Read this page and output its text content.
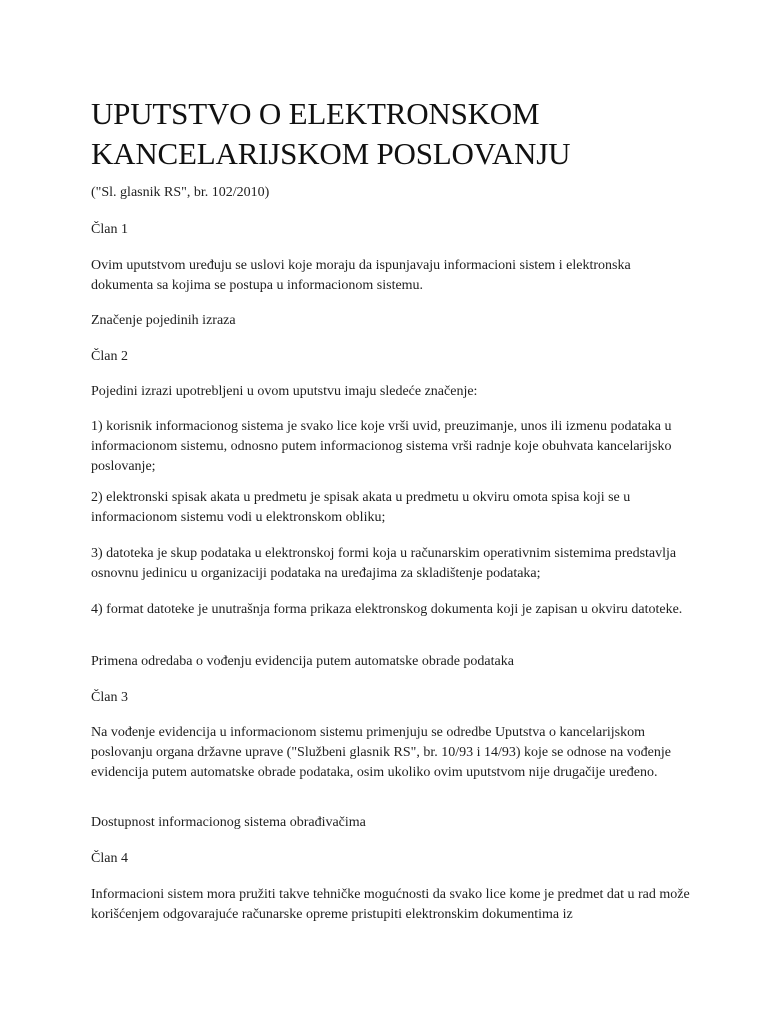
UPUTSTVO O ELEKTRONSKOM KANCELARIJSKOM POSLOVANJU

("Sl. glasnik RS", br. 102/2010)

Član 1

Ovim uputstvom uređuju se uslovi koje moraju da ispunjavaju informacioni sistem i elektronska dokumenta sa kojima se postupa u informacionom sistemu.

Značenje pojedinih izraza

Član 2

Pojedini izrazi upotrebljeni u ovom uputstvu imaju sledeće značenje:

1) korisnik informacionog sistema je svako lice koje vrši uvid, preuzimanje, unos ili izmenu podataka u informacionom sistemu, odnosno putem informacionog sistema vrši radnje koje obuhvata kancelarijsko poslovanje;

2) elektronski spisak akata u predmetu je spisak akata u predmetu u okviru omota spisa koji se u informacionom sistemu vodi u elektronskom obliku;

3) datoteka je skup podataka u elektronskoj formi koja u računarskim operativnim sistemima predstavlja osnovnu jedinicu u organizaciji podataka na uređajima za skladištenje podataka;

4) format datoteke je unutrašnja forma prikaza elektronskog dokumenta koji je zapisan u okviru datoteke.

Primena odredaba o vođenju evidencija putem automatske obrade podataka

Član 3

Na vođenje evidencija u informacionom sistemu primenjuju se odredbe Uputstva o kancelarijskom poslovanju organa državne uprave ("Službeni glasnik RS", br. 10/93 i 14/93) koje se odnose na vođenje evidencija putem automatske obrade podataka, osim ukoliko ovim uputstvom nije drugačije uređeno.

Dostupnost informacionog sistema obrađivačima

Član 4

Informacioni sistem mora pružiti takve tehničke mogućnosti da svako lice kome je predmet dat u rad može korišćenjem odgovarajuće računarske opreme pristupiti elektronskim dokumentima iz
